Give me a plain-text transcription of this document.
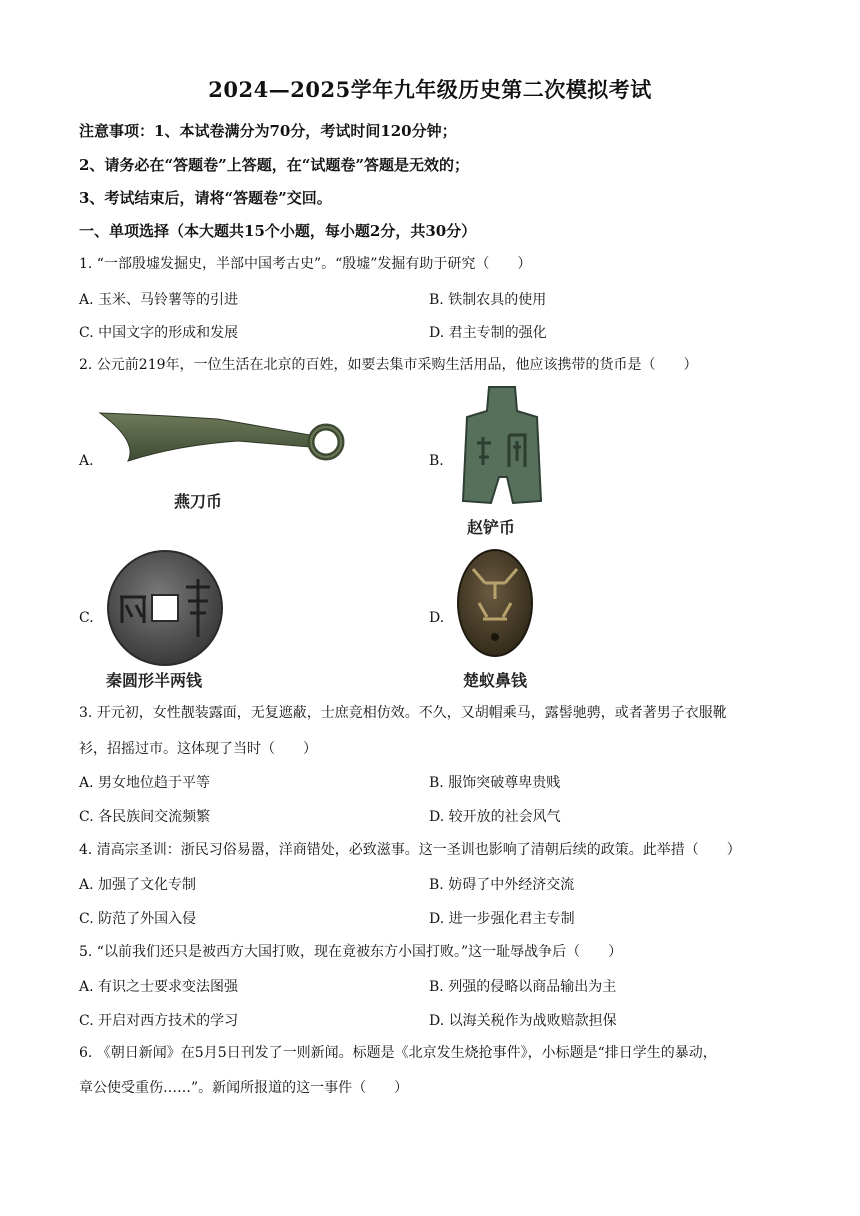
2024—2025学年九年级历史第二次模拟考试
注意事项：1、本试卷满分为70分，考试时间120分钟；
2、请务必在“答题卷”上答题，在“试题卷”答题是无效的；
3、考试结束后，请将“答题卷”交回。
一、单项选择（本大题共15个小题，每小题2分，共30分）
1. “一部殷墟发掘史，半部中国考古史”。“殷墟”发掘有助于研究（　　）
A. 玉米、马铃薯等的引进	B. 铁制农具的使用
C. 中国文字的形成和发展	D. 君主专制的强化
2. 公元前219年，一位生活在北京的百姓，如要去集市采购生活用品，他应该携带的货币是（　　）
A.
燕刀币
B.
赵铲币
C.
秦圆形半两钱
D.
楚蚁鼻钱
3. 开元初，女性靓装露面，无复遮蔽，士庶竞相仿效。不久，又胡帽乘马，露髻驰骋，或者著男子衣服靴
衫，招摇过市。这体现了当时（　　）
A. 男女地位趋于平等	B. 服饰突破尊卑贵贱
C. 各民族间交流频繁	D. 较开放的社会风气
4. 清高宗圣训：浙民习俗易嚣，洋商错处，必致滋事。这一圣训也影响了清朝后续的政策。此举措（　　）
A. 加强了文化专制	B. 妨碍了中外经济交流
C. 防范了外国入侵	D. 进一步强化君主专制
5. “以前我们还只是被西方大国打败，现在竟被东方小国打败。”这一耻辱战争后（　　）
A. 有识之士要求变法图强	B. 列强的侵略以商品输出为主
C. 开启对西方技术的学习	D. 以海关税作为战败赔款担保
6. 《朝日新闻》在5月5日刊发了一则新闻。标题是《北京发生烧抢事件》，小标题是“排日学生的暴动，
章公使受重伤……”。新闻所报道的这一事件（　　）
